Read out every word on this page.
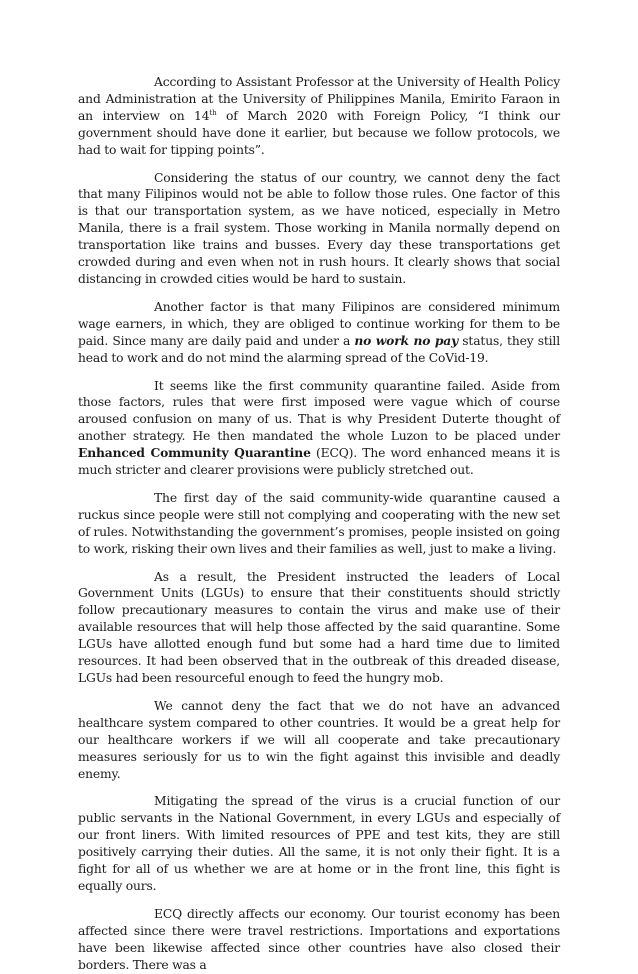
According to Assistant Professor at the University of Health Policy and Administration at the University of Philippines Manila, Emirito Faraon in an interview on 14th of March 2020 with Foreign Policy, “I think our government should have done it earlier, but because we follow protocols, we had to wait for tipping points”.

Considering the status of our country, we cannot deny the fact that many Filipinos would not be able to follow those rules. One factor of this is that our transportation system, as we have noticed, especially in Metro Manila, there is a frail system. Those working in Manila normally depend on transportation like trains and busses. Every day these transportations get crowded during and even when not in rush hours. It clearly shows that social distancing in crowded cities would be hard to sustain.

Another factor is that many Filipinos are considered minimum wage earners, in which, they are obliged to continue working for them to be paid. Since many are daily paid and under a no work no pay status, they still head to work and do not mind the alarming spread of the CoVid-19.

It seems like the first community quarantine failed. Aside from those factors, rules that were first imposed were vague which of course aroused confusion on many of us. That is why President Duterte thought of another strategy. He then mandated the whole Luzon to be placed under Enhanced Community Quarantine (ECQ). The word enhanced means it is much stricter and clearer provisions were publicly stretched out.

The first day of the said community-wide quarantine caused a ruckus since people were still not complying and cooperating with the new set of rules. Notwithstanding the government’s promises, people insisted on going to work, risking their own lives and their families as well, just to make a living.

As a result, the President instructed the leaders of Local Government Units (LGUs) to ensure that their constituents should strictly follow precautionary measures to contain the virus and make use of their available resources that will help those affected by the said quarantine. Some LGUs have allotted enough fund but some had a hard time due to limited resources. It had been observed that in the outbreak of this dreaded disease, LGUs had been resourceful enough to feed the hungry mob.

We cannot deny the fact that we do not have an advanced healthcare system compared to other countries. It would be a great help for our healthcare workers if we will all cooperate and take precautionary measures seriously for us to win the fight against this invisible and deadly enemy.

Mitigating the spread of the virus is a crucial function of our public servants in the National Government, in every LGUs and especially of our front liners. With limited resources of PPE and test kits, they are still positively carrying their duties. All the same, it is not only their fight. It is a fight for all of us whether we are at home or in the front line, this fight is equally ours.

ECQ directly affects our economy. Our tourist economy has been affected since there were travel restrictions. Importations and exportations have been likewise affected since other countries have also closed their borders. There was a
